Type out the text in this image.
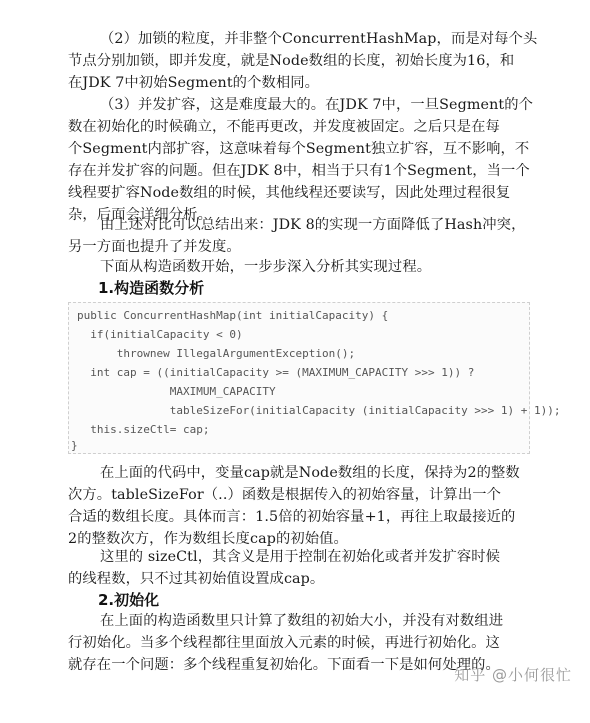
（2）加锁的粒度，并非整个ConcurrentHashMap，而是对每个头
节点分别加锁，即并发度，就是Node数组的长度，初始长度为16，和
在JDK 7中初始Segment的个数相同。
（3）并发扩容，这是难度最大的。在JDK 7中，一旦Segment的个
数在初始化的时候确立，不能再更改，并发度被固定。之后只是在每
个Segment内部扩容，这意味着每个Segment独立扩容，互不影响，不
存在并发扩容的问题。但在JDK 8中，相当于只有1个Segment，当一个
线程要扩容Node数组的时候，其他线程还要读写，因此处理过程很复
杂，后面会详细分析。
由上述对比可以总结出来：JDK 8的实现一方面降低了Hash冲突，
另一方面也提升了并发度。
下面从构造函数开始，一步步深入分析其实现过程。
1.构造函数分析
public ConcurrentHashMap(int initialCapacity) {
if(initialCapacity < 0)
thrownew IllegalArgumentException();
int cap = ((initialCapacity >= (MAXIMUM_CAPACITY >>> 1)) ?
MAXIMUM_CAPACITY
tableSizeFor(initialCapacity (initialCapacity >>> 1) + 1));
this.sizeCtl= cap;
}
在上面的代码中，变量cap就是Node数组的长度，保持为2的整数
次方。tableSizeFor（..）函数是根据传入的初始容量，计算出一个
合适的数组长度。具体而言：1.5倍的初始容量+1，再往上取最接近的
2的整数次方，作为数组长度cap的初始值。
这里的 sizeCtl，其含义是用于控制在初始化或者并发扩容时候
的线程数，只不过其初始值设置成cap。
2.初始化
在上面的构造函数里只计算了数组的初始大小，并没有对数组进
行初始化。当多个线程都往里面放入元素的时候，再进行初始化。这
就存在一个问题：多个线程重复初始化。下面看一下是如何处理的。
知乎 @小何很忙
